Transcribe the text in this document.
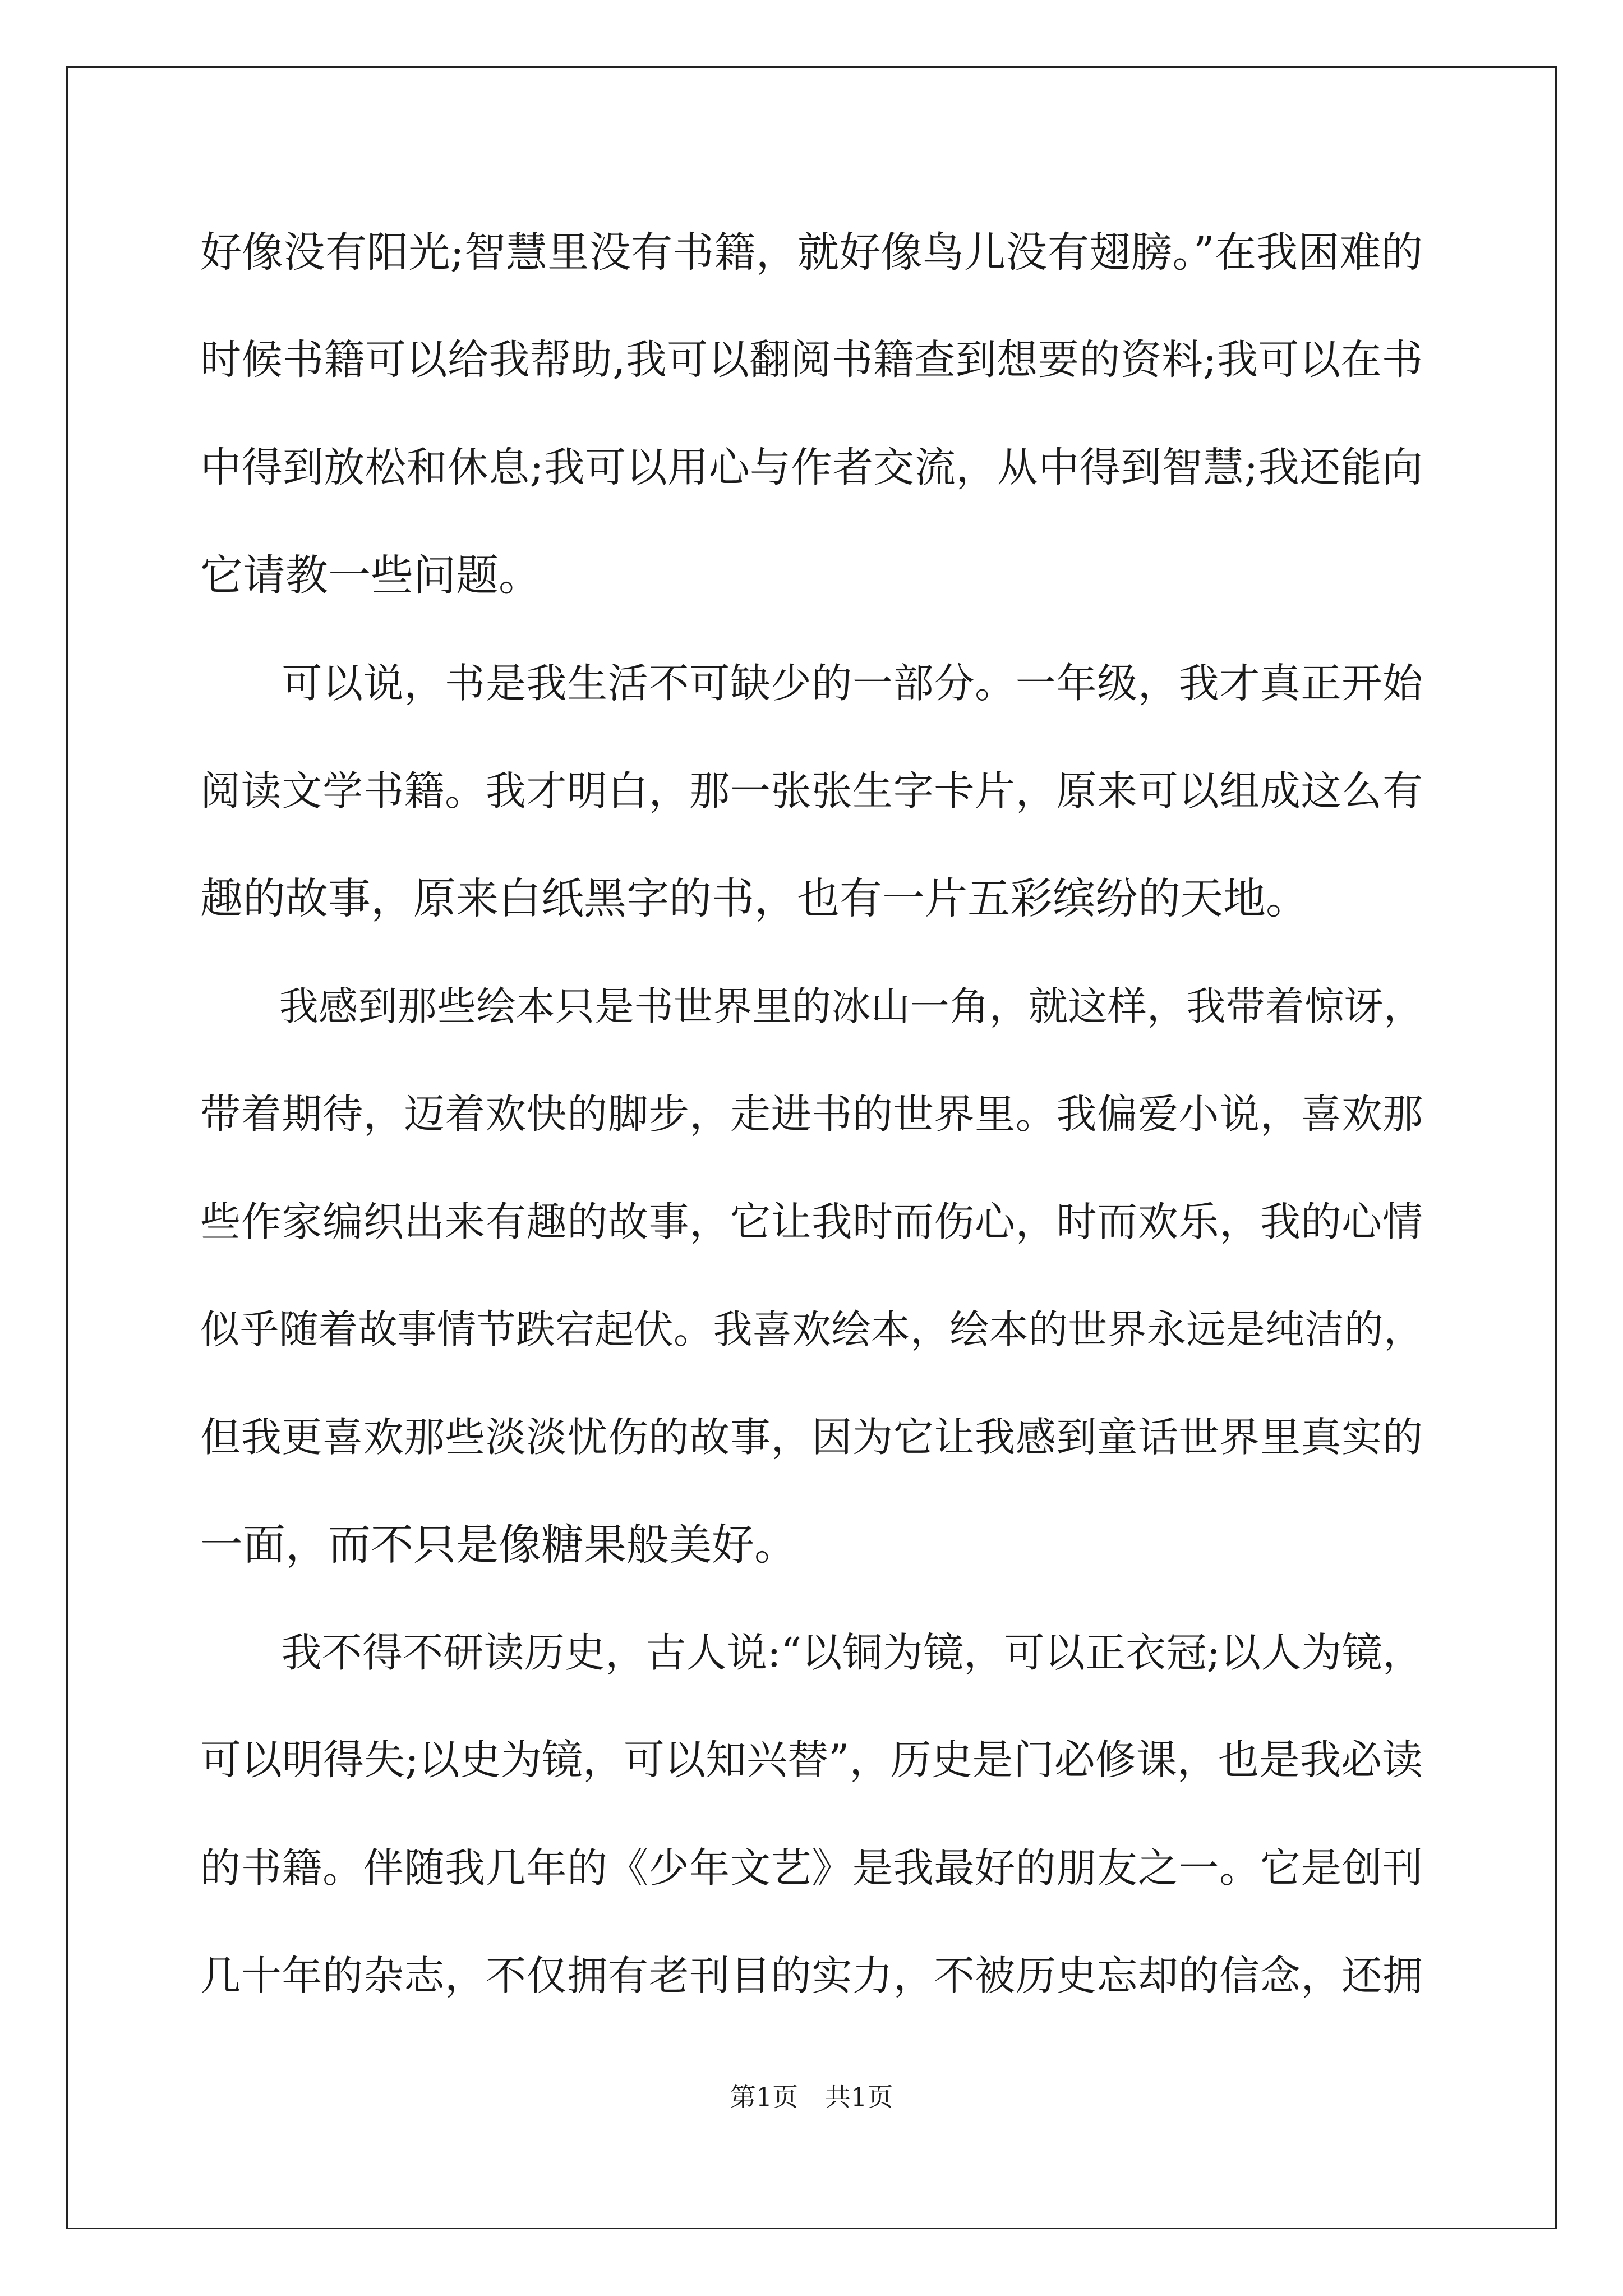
好像没有阳光;智慧里没有书籍，就好像鸟儿没有翅膀。”在我困难的
时候书籍可以给我帮助,我可以翻阅书籍查到想要的资料;我可以在书
中得到放松和休息;我可以用心与作者交流，从中得到智慧;我还能向
它请教一些问题。
　　可以说，书是我生活不可缺少的一部分。一年级，我才真正开始
阅读文学书籍。我才明白，那一张张生字卡片，原来可以组成这么有
趣的故事，原来白纸黑字的书，也有一片五彩缤纷的天地。
　　我感到那些绘本只是书世界里的冰山一角，就这样，我带着惊讶，
带着期待，迈着欢快的脚步，走进书的世界里。我偏爱小说，喜欢那
些作家编织出来有趣的故事，它让我时而伤心，时而欢乐，我的心情
似乎随着故事情节跌宕起伏。我喜欢绘本，绘本的世界永远是纯洁的，
但我更喜欢那些淡淡忧伤的故事，因为它让我感到童话世界里真实的
一面，而不只是像糖果般美好。
　　我不得不研读历史，古人说:“以铜为镜，可以正衣冠;以人为镜，
可以明得失;以史为镜，可以知兴替”，历史是门必修课，也是我必读
的书籍。伴随我几年的《少年文艺》是我最好的朋友之一。它是创刊
几十年的杂志，不仅拥有老刊目的实力，不被历史忘却的信念，还拥
第1页 共1页
